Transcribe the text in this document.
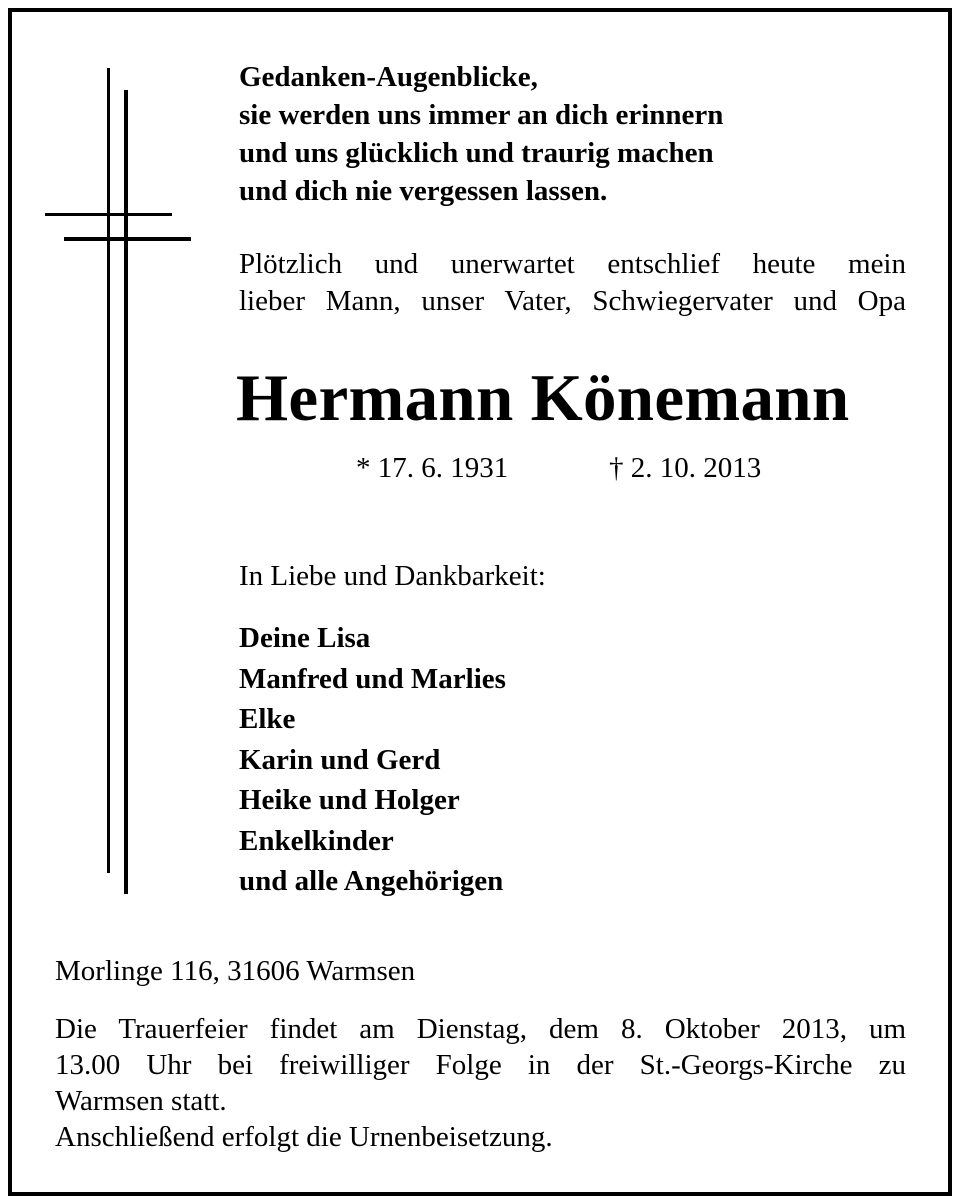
Gedanken-Augenblicke,
sie werden uns immer an dich erinnern
und uns glücklich und traurig machen
und dich nie vergessen lassen.
Plötzlich und unerwartet entschlief heute mein
lieber Mann, unser Vater, Schwiegervater und Opa
Hermann Könemann
* 17. 6. 1931	† 2. 10. 2013
In Liebe und Dankbarkeit:
Deine Lisa
Manfred und Marlies
Elke
Karin und Gerd
Heike und Holger
Enkelkinder
und alle Angehörigen
Morlinge 116, 31606 Warmsen
Die Trauerfeier findet am Dienstag, dem 8. Oktober 2013, um
13.00 Uhr bei freiwilliger Folge in der St.-Georgs-Kirche zu
Warmsen statt.
Anschließend erfolgt die Urnenbeisetzung.
